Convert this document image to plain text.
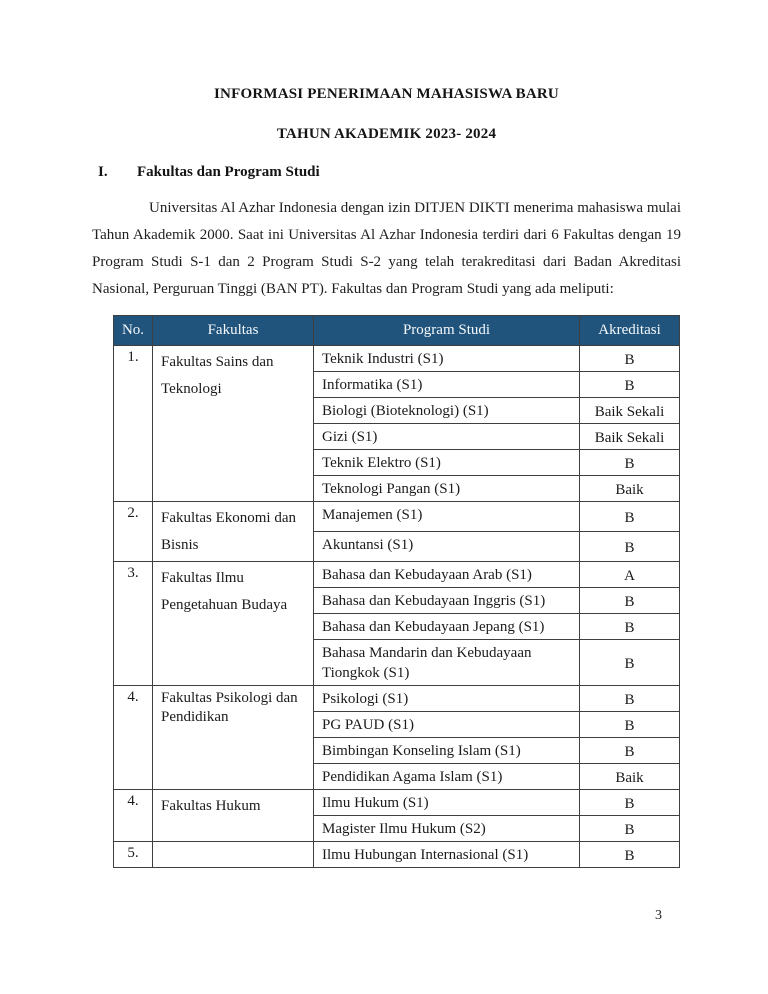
INFORMASI PENERIMAAN MAHASISWA BARU
TAHUN AKADEMIK 2023- 2024
I.	Fakultas dan Program Studi

Universitas Al Azhar Indonesia dengan izin DITJEN DIKTI menerima mahasiswa mulai Tahun Akademik 2000. Saat ini Universitas Al Azhar Indonesia terdiri dari 6 Fakultas dengan 19 Program Studi S-1 dan 2 Program Studi S-2 yang telah terakreditasi dari Badan Akreditasi Nasional, Perguruan Tinggi (BAN PT). Fakultas dan Program Studi yang ada meliputi:

No.	Fakultas	Program Studi	Akreditasi
1.	Fakultas Sains dan Teknologi	Teknik Industri (S1)	B
		Informatika (S1)	B
		Biologi (Bioteknologi) (S1)	Baik Sekali
		Gizi (S1)	Baik Sekali
		Teknik Elektro (S1)	B
		Teknologi Pangan (S1)	Baik
2.	Fakultas Ekonomi dan Bisnis	Manajemen (S1)	B
		Akuntansi (S1)	B
3.	Fakultas Ilmu Pengetahuan Budaya	Bahasa dan Kebudayaan Arab (S1)	A
		Bahasa dan Kebudayaan Inggris (S1)	B
		Bahasa dan Kebudayaan Jepang (S1)	B
		Bahasa Mandarin dan Kebudayaan Tiongkok (S1)	B
4.	Fakultas Psikologi dan Pendidikan	Psikologi (S1)	B
		PG PAUD (S1)	B
		Bimbingan Konseling Islam (S1)	B
		Pendidikan Agama Islam (S1)	Baik
4.	Fakultas Hukum	Ilmu Hukum (S1)	B
		Magister Ilmu Hukum (S2)	B
5.		Ilmu Hubungan Internasional (S1)	B
3
